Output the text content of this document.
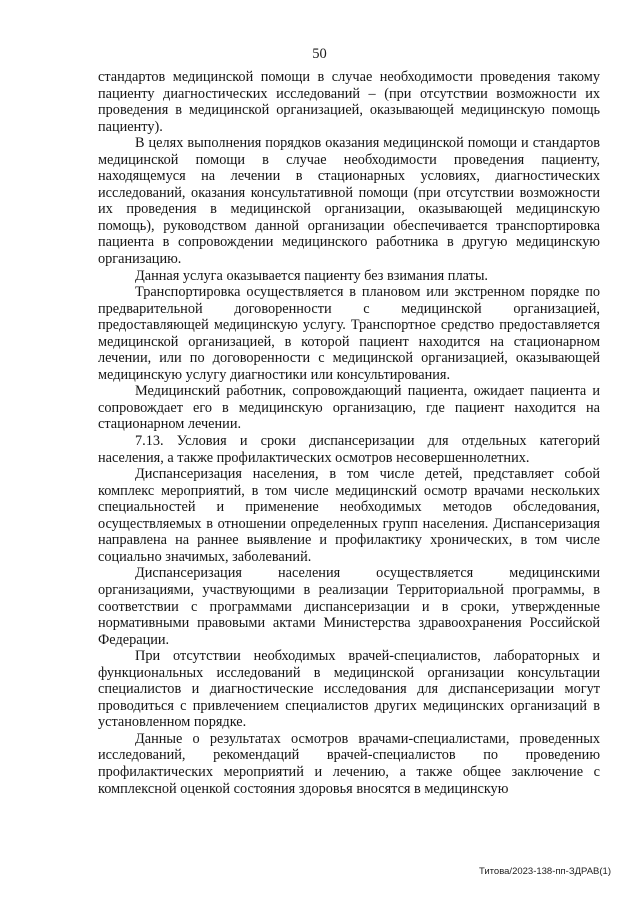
50

стандартов медицинской помощи в случае необходимости проведения такому пациенту диагностических исследований – (при отсутствии возможности их проведения в медицинской организацией, оказывающей медицинскую помощь пациенту).

В целях выполнения порядков оказания медицинской помощи и стандартов медицинской помощи в случае необходимости проведения пациенту, находящемуся на лечении в стационарных условиях, диагностических исследований, оказания консультативной помощи (при отсутствии возможности их проведения в медицинской организации, оказывающей медицинскую помощь), руководством данной организации обеспечивается транспортировка пациента в сопровождении медицинского работника в другую медицинскую организацию.

Данная услуга оказывается пациенту без взимания платы.

Транспортировка осуществляется в плановом или экстренном порядке по предварительной договоренности с медицинской организацией, предоставляющей медицинскую услугу. Транспортное средство предоставляется медицинской организацией, в которой пациент находится на стационарном лечении, или по договоренности с медицинской организацией, оказывающей медицинскую услугу диагностики или консультирования.

Медицинский работник, сопровождающий пациента, ожидает пациента и сопровождает его в медицинскую организацию, где пациент находится на стационарном лечении.

7.13. Условия и сроки диспансеризации для отдельных категорий населения, а также профилактических осмотров несовершеннолетних.

Диспансеризация населения, в том числе детей, представляет собой комплекс мероприятий, в том числе медицинский осмотр врачами нескольких специальностей и применение необходимых методов обследования, осуществляемых в отношении определенных групп населения. Диспансеризация направлена на раннее выявление и профилактику хронических, в том числе социально значимых, заболеваний.

Диспансеризация населения осуществляется медицинскими организациями, участвующими в реализации Территориальной программы, в соответствии с программами диспансеризации и в сроки, утвержденные нормативными правовыми актами Министерства здравоохранения Российской Федерации.

При отсутствии необходимых врачей-специалистов, лабораторных и функциональных исследований в медицинской организации консультации специалистов и диагностические исследования для диспансеризации могут проводиться с привлечением специалистов других медицинских организаций в установленном порядке.

Данные о результатах осмотров врачами-специалистами, проведенных исследований, рекомендаций врачей-специалистов по проведению профилактических мероприятий и лечению, а также общее заключение с комплексной оценкой состояния здоровья вносятся в медицинскую

Титова/2023-138-пп-ЗДРАВ(1)
